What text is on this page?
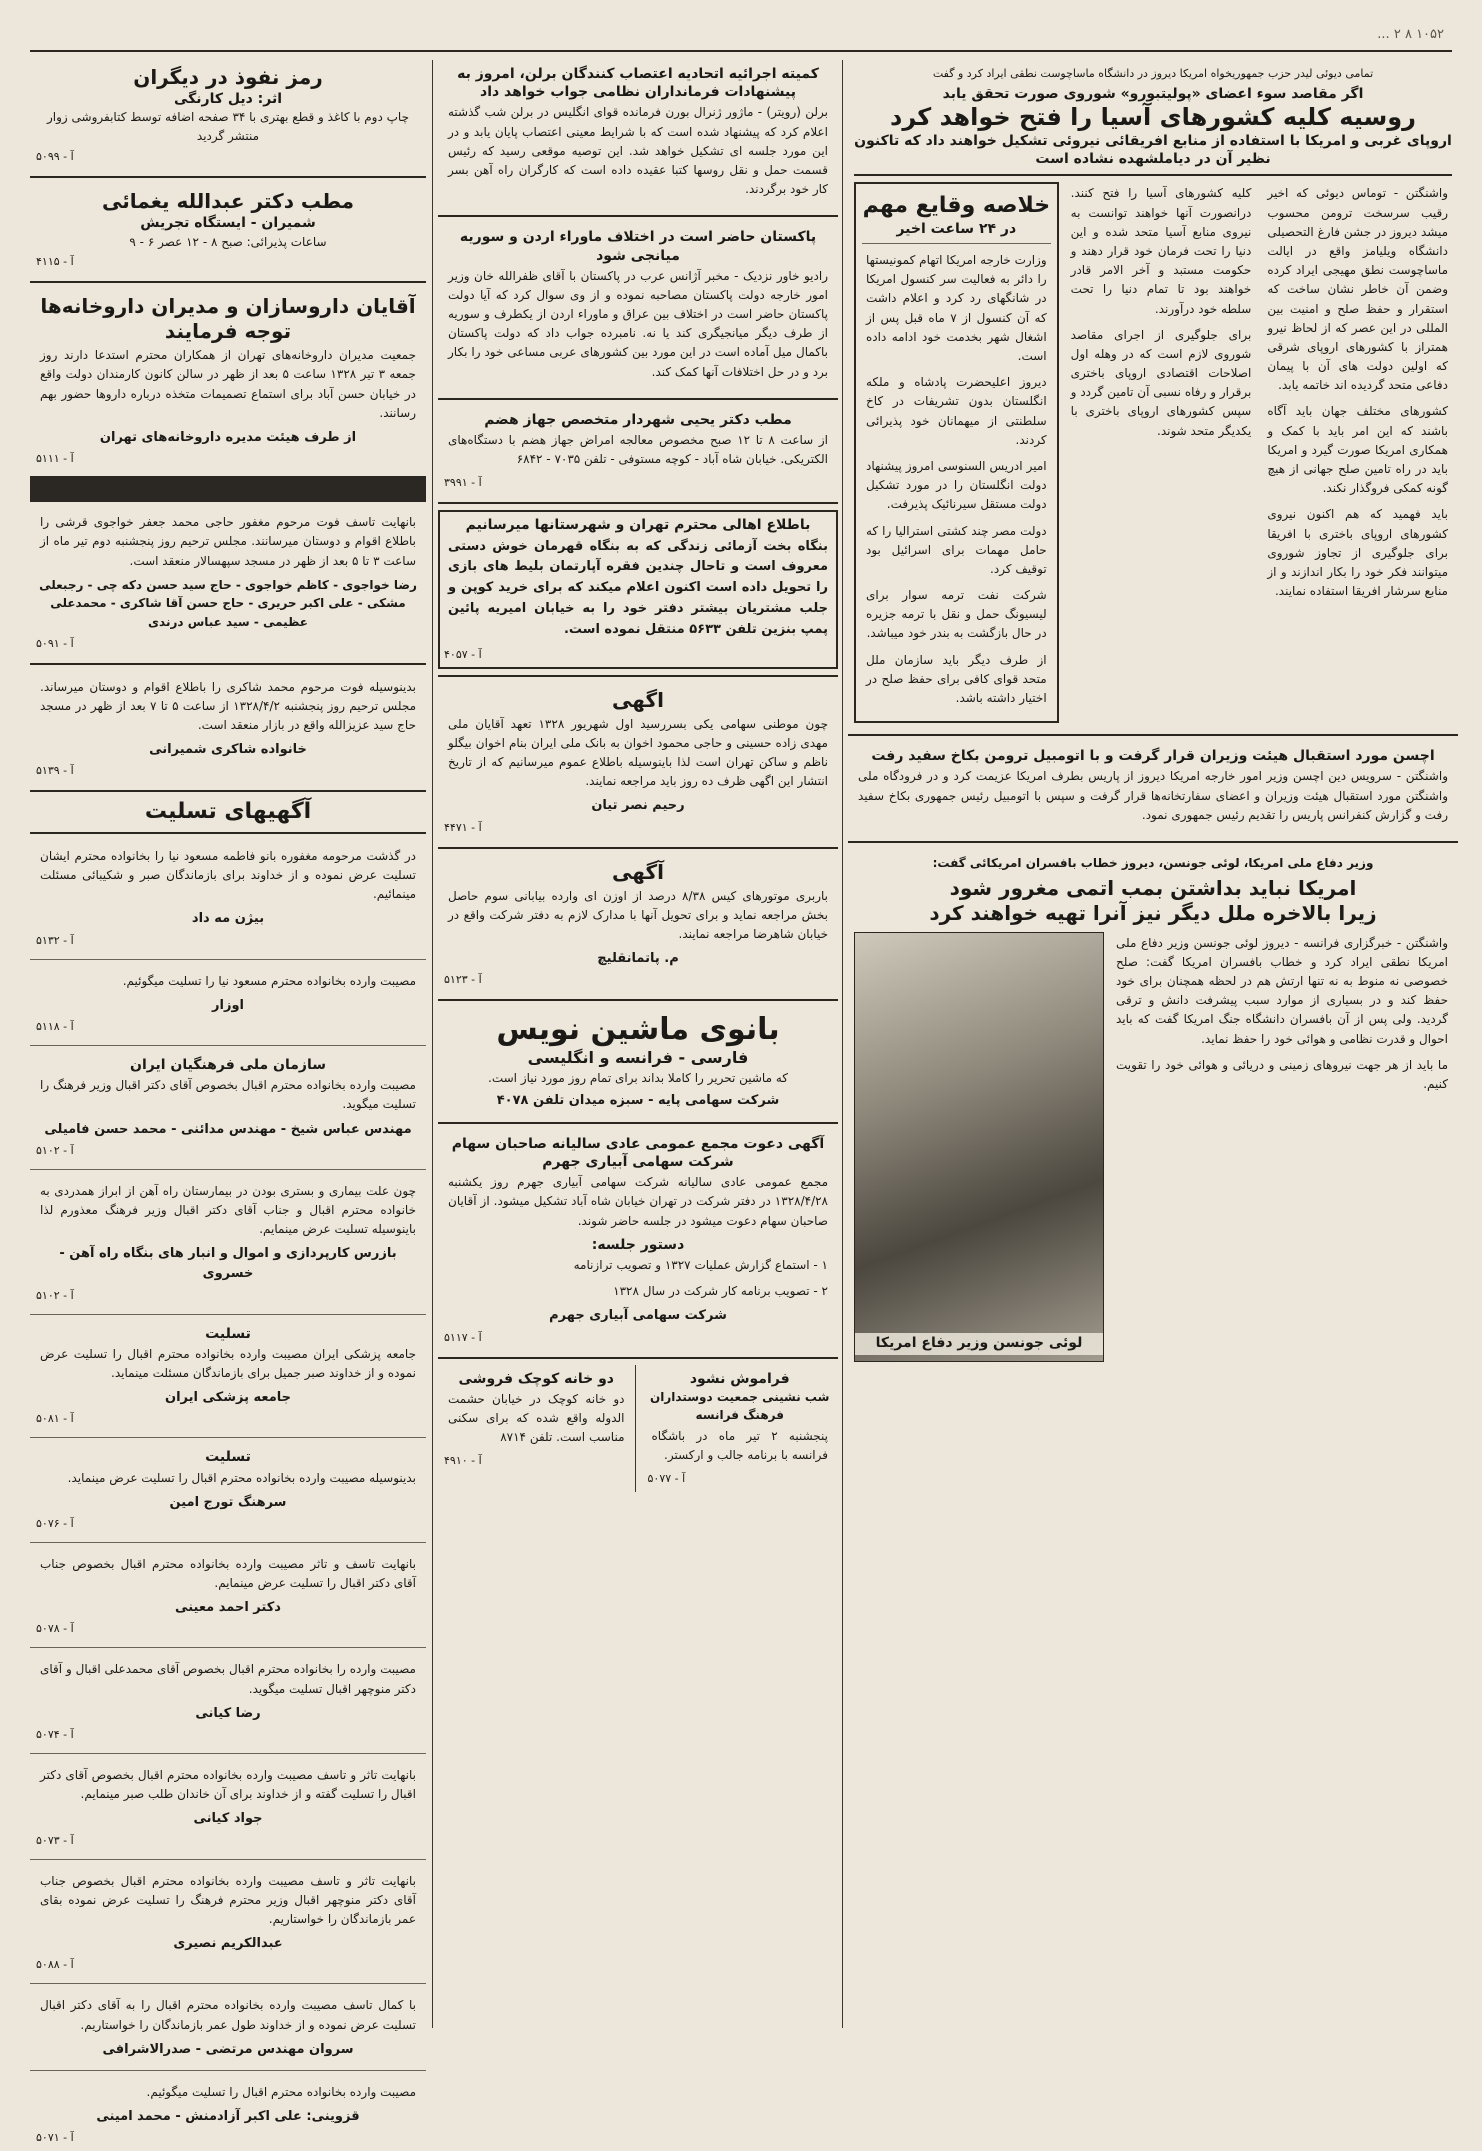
۱۰۵۲ ۸ ۲ ...

تمامی دیوئی لیدر حزب جمهوریخواه امریکا دیروز در دانشگاه ماساچوست نطقی ایراد کرد و گفت

اگر مقاصد سوء اعضای «پولیتبورو» شوروی صورت تحقق یابد
روسیه کلیه کشورهای آسیا را فتح خواهد کرد
اروپای غربی و امریکا با استفاده از منابع افریقائی نیروئی تشکیل خواهند داد که تاکنون نظیر آن در دیاملشهده نشاده است

واشنگتن - توماس دیوئی که اخیر رقیب سرسخت ترومن محسوب میشد دیروز در جشن فارغ التحصیلی دانشگاه ویلیامز واقع در ایالت ماساچوست نطق مهیجی ایراد کرده وضمن آن خاطر نشان ساخت که استقرار و حفظ صلح و امنیت بین المللی در این عصر که از لحاظ نیرو همتراز با کشورهای اروپای شرقی که اولین دولت های آن با پیمان دفاعی متحد گردیده اند خاتمه یابد.

کشورهای مختلف جهان باید آگاه باشند که این امر باید با کمک و همکاری امریکا صورت گیرد و امریکا باید در راه تامین صلح جهانی از هیچ گونه کمکی فروگذار نکند.

باید فهمید که هم اکنون نیروی کشورهای اروپای باختری با افریقا برای جلوگیری از تجاوز شوروی میتوانند فکر خود را بکار اندازند و از منابع سرشار افریقا استفاده نمایند.

کلیه کشورهای آسیا را فتح کنند. درانصورت آنها خواهند توانست به نیروی منابع آسیا متحد شده و این دنیا را تحت فرمان خود قرار دهند و حکومت مستبد و آخر الامر قادر خواهند بود تا تمام دنیا را تحت سلطه خود درآورند.

برای جلوگیری از اجرای مقاصد شوروی لازم است که در وهله اول اصلاحات اقتصادی اروپای باختری برقرار و رفاه نسبی آن تامین گردد و سپس کشورهای اروپای باختری با یکدیگر متحد شوند.

خلاصه وقایع مهم
در ۲۴ ساعت اخیر

وزارت خارجه امریکا اتهام کمونیستها را دائر به فعالیت سر کنسول امریکا در شانگهای رد کرد و اعلام داشت که آن کنسول از ۷ ماه قبل پس از اشغال شهر بخدمت خود ادامه داده است.

دیروز اعلیحضرت پادشاه و ملکه انگلستان بدون تشریفات در کاخ سلطنتی از میهمانان خود پذیرائی کردند.

امیر ادریس السنوسی امروز پیشنهاد دولت انگلستان را در مورد تشکیل دولت مستقل سیرنائیک پذیرفت.

دولت مصر چند کشتی استرالیا را که حامل مهمات برای اسرائیل بود توقیف کرد.

شرکت نفت ترمه سوار برای لیسیونگ حمل و نقل با ترمه جزیره در حال بازگشت به بندر خود میباشد.

از طرف دیگر باید سازمان ملل متحد قوای کافی برای حفظ صلح در اختیار داشته باشد.

اچسن مورد استقبال هیئت وزیران قرار گرفت و با اتومبیل ترومن بکاخ سفید رفت

واشنگتن - سرویس دین اچسن وزیر امور خارجه امریکا دیروز از پاریس بطرف امریکا عزیمت کرد و در فرودگاه ملی واشنگتن مورد استقبال هیئت وزیران و اعضای سفارتخانه‌ها قرار گرفت و سپس با اتومبیل رئیس جمهوری بکاخ سفید رفت و گزارش کنفرانس پاریس را تقدیم رئیس جمهوری نمود.

وزیر دفاع ملی امریکا، لوئی جونسن، دیروز خطاب بافسران امریکائی گفت:

امریکا نباید بداشتن بمب اتمی مغرور شود
زیرا بالاخره ملل دیگر نیز آنرا تهیه خواهند کرد

واشنگتن - خبرگزاری فرانسه - دیروز لوئی جونسن وزیر دفاع ملی امریکا نطقی ایراد کرد و خطاب بافسران امریکا گفت: صلح خصوصی نه منوط به نه تنها ارتش هم در لحظه همچنان برای خود حفظ کند و در بسیاری از موارد سبب پیشرفت دانش و ترقی گردید. ولی پس از آن بافسران دانشگاه جنگ امریکا گفت که باید احوال و قدرت نظامی و هوائی خود را حفظ نماید.

ما باید از هر جهت نیروهای زمینی و دریائی و هوائی خود را تقویت کنیم.

لوئی جونسن وزیر دفاع امریکا
کمیته اجرائیه اتحادیه اعتصاب کنندگان برلن، امروز به پیشنهادات فرمانداران نظامی جواب خواهد داد

برلن (رویتر) - ماژور ژنرال بورن فرمانده قوای انگلیس در برلن شب گذشته اعلام کرد که پیشنهاد شده است که با شرایط معینی اعتصاب پایان یابد و در این مورد جلسه ای تشکیل خواهد شد. این توصیه موقعی رسید که رئیس قسمت حمل و نقل روسها کتبا عقیده داده است که کارگران راه آهن بسر کار خود برگردند.

پاکستان حاضر است در اختلاف ماوراء اردن و سوریه میانجی شود

رادیو خاور نزدیک - مخبر آژانس عرب در پاکستان با آقای ظفرالله خان وزیر امور خارجه دولت پاکستان مصاحبه نموده و از وی سوال کرد که آیا دولت پاکستان حاضر است در اختلاف بین عراق و ماوراء اردن از یکطرف و سوریه از طرف دیگر میانجیگری کند یا نه. نامبرده جواب داد که دولت پاکستان باکمال میل آماده است در این مورد بین کشورهای عربی مساعی خود را بکار برد و در حل اختلافات آنها کمک کند.

مطب دکتر یحیی شهردار متخصص جهاز هضم

از ساعت ۸ تا ۱۲ صبح مخصوص معالجه امراض جهاز هضم با دستگاه‌های الکتریکی. خیابان شاه آباد - کوچه مستوفی - تلفن ۷۰۳۵ - ۶۸۴۲

آ - ۳۹۹۱
باطلاع اهالی محترم تهران و شهرستانها میرسانیم

بنگاه بخت آزمائی زندگی که به بنگاه قهرمان خوش دستی معروف است و تاحال چندین فقره آپارتمان بلیط های بازی را تحویل داده است اکنون اعلام میکند که برای خرید کوپن و جلب مشتریان بیشتر دفتر خود را به خیابان امیریه پائین پمپ بنزین تلفن ۵۶۳۳ منتقل نموده است.

آ - ۴۰۵۷
اگهی

چون موطنی سهامی یکی بسررسید اول شهریور ۱۳۲۸ تعهد آقایان ملی مهدی زاده حسینی و حاجی محمود اخوان به بانک ملی ایران بنام اخوان بیگلو ناظم و ساکن تهران است لذا باینوسیله باطلاع عموم میرسانیم که از تاریخ انتشار این اگهی ظرف ده روز باید مراجعه نمایند.

رحیم نصر تیان
آ - ۴۴۷۱
آگهی

باربری موتورهای کیس ۸/۳۸ درصد از اوزن ای وارده بیابانی سوم حاصل بخش مراجعه نماید و برای تحویل آنها با مدارک لازم به دفتر شرکت واقع در خیابان شاهرضا مراجعه نمایند.

م. پاتمانقلیچ
آ - ۵۱۲۳
بانوی ماشین نویس
فارسی - فرانسه و انگلیسی

که ماشین تحریر را کاملا بداند برای تمام روز مورد نیاز است.

شرکت سهامی پایه - سبزه میدان تلفن ۴۰۷۸
آگهی دعوت مجمع عمومی عادی سالیانه صاحبان سهام شرکت سهامی آبیاری جهرم

مجمع عمومی عادی سالیانه شرکت سهامی آبیاری جهرم روز یکشنبه ۱۳۲۸/۴/۲۸ در دفتر شرکت در تهران خیابان شاه آباد تشکیل میشود. از آقایان صاحبان سهام دعوت میشود در جلسه حاضر شوند.

دستور جلسه:

۱ - استماع گزارش عملیات ۱۳۲۷ و تصویب ترازنامه

۲ - تصویب برنامه کار شرکت در سال ۱۳۲۸

شرکت سهامی آبیاری جهرم
آ - ۵۱۱۷
فراموش نشود
شب نشینی جمعیت دوستداران فرهنگ فرانسه

پنجشنبه ۲ تیر ماه در باشگاه فرانسه با برنامه جالب و ارکستر.

آ - ۵۰۷۷
دو خانه کوچک فروشی

دو خانه کوچک در خیابان حشمت الدوله واقع شده که برای سکنی مناسب است. تلفن ۸۷۱۴

آ - ۴۹۱۰
رمز نفوذ در دیگران
اثر: دیل کارنگی

چاپ دوم با کاغذ و قطع بهتری با ۳۴ صفحه اضافه توسط کتابفروشی زوار منتشر گردید

آ - ۵۰۹۹
مطب دکتر عبدالله یغمائی
شمیران - ایستگاه تجریش
ساعات پذیرائی: صبح ۸ - ۱۲ عصر ۶ - ۹
آ - ۴۱۱۵
آقایان داروسازان و مدیران داروخانه‌ها توجه فرمایند

جمعیت مدیران داروخانه‌های تهران از همکاران محترم استدعا دارند روز جمعه ۳ تیر ۱۳۲۸ ساعت ۵ بعد از ظهر در سالن کانون کارمندان دولت واقع در خیابان حسن آباد برای استماع تصمیمات متخذه درباره داروها حضور بهم رسانند.

از طرف هیئت مدیره داروخانه‌های تهران
آ - ۵۱۱۱

بانهایت تاسف فوت مرحوم مغفور حاجی محمد جعفر خواجوی قرشی را باطلاع اقوام و دوستان میرسانند. مجلس ترحیم روز پنجشنبه دوم تیر ماه از ساعت ۳ تا ۵ بعد از ظهر در مسجد سپهسالار منعقد است.

رضا خواجوی - کاظم خواجوی - حاج سید حسن دکه چی - رجبعلی مشکی - علی اکبر حریری - حاج حسن آقا شاکری - محمدعلی عظیمی - سید عباس درندی

آ - ۵۰۹۱

بدینوسیله فوت مرحوم محمد شاکری را باطلاع اقوام و دوستان میرساند. مجلس ترحیم روز پنجشنبه ۱۳۲۸/۴/۲ از ساعت ۵ تا ۷ بعد از ظهر در مسجد حاج سید عزیزالله واقع در بازار منعقد است.

خانواده شاکری شمیرانی
آ - ۵۱۳۹
آگهیهای تسلیت

در گذشت مرحومه مغفوره بانو فاطمه مسعود نیا را بخانواده محترم ایشان تسلیت عرض نموده و از خداوند برای بازماندگان صبر و شکیبائی مسئلت مینمائیم.

بیژن مه داد
آ - ۵۱۳۲

مصیبت وارده بخانواده محترم مسعود نیا را تسلیت میگوئیم.

اوزار
آ - ۵۱۱۸
سازمان ملی فرهنگیان ایران

مصیبت وارده بخانواده محترم اقبال بخصوص آقای دکتر اقبال وزیر فرهنگ را تسلیت میگوید.

مهندس عباس شیخ - مهندس مدائنی - محمد حسن فامیلی
آ - ۵۱۰۲

چون علت بیماری و بستری بودن در بیمارستان راه آهن از ابراز همدردی به خانواده محترم اقبال و جناب آقای دکتر اقبال وزیر فرهنگ معذورم لذا باینوسیله تسلیت عرض مینمایم.

بازرس کارپردازی و اموال و انبار های بنگاه راه آهن - خسروی
آ - ۵۱۰۲
تسلیت

جامعه پزشکی ایران مصیبت وارده بخانواده محترم اقبال را تسلیت عرض نموده و از خداوند صبر جمیل برای بازماندگان مسئلت مینماید.

جامعه پزشکی ایران
آ - ۵۰۸۱
تسلیت

بدینوسیله مصیبت وارده بخانواده محترم اقبال را تسلیت عرض مینماید.

سرهنگ تورج امین
آ - ۵۰۷۶

بانهایت تاسف و تاثر مصیبت وارده بخانواده محترم اقبال بخصوص جناب آقای دکتر اقبال را تسلیت عرض مینمایم.

دکتر احمد معینی
آ - ۵۰۷۸

مصیبت وارده را بخانواده محترم اقبال بخصوص آقای محمدعلی اقبال و آقای دکتر منوچهر اقبال تسلیت میگوید.

رضا کیانی
آ - ۵۰۷۴

بانهایت تاثر و تاسف مصیبت وارده بخانواده محترم اقبال بخصوص آقای دکتر اقبال را تسلیت گفته و از خداوند برای آن خاندان طلب صبر مینمایم.

جواد کیانی
آ - ۵۰۷۳

بانهایت تاثر و تاسف مصیبت وارده بخانواده محترم اقبال بخصوص جناب آقای دکتر منوچهر اقبال وزیر محترم فرهنگ را تسلیت عرض نموده بقای عمر بازماندگان را خواستاریم.

عبدالکریم نصیری
آ - ۵۰۸۸

با کمال تاسف مصیبت وارده بخانواده محترم اقبال را به آقای دکتر اقبال تسلیت عرض نموده و از خداوند طول عمر بازماندگان را خواستاریم.

سروان مهندس مرتضی - صدرالاشرافی

مصیبت وارده بخانواده محترم اقبال را تسلیت میگوئیم.

قزوینی: علی اکبر آزادمنش - محمد امینی
آ - ۵۰۷۱
